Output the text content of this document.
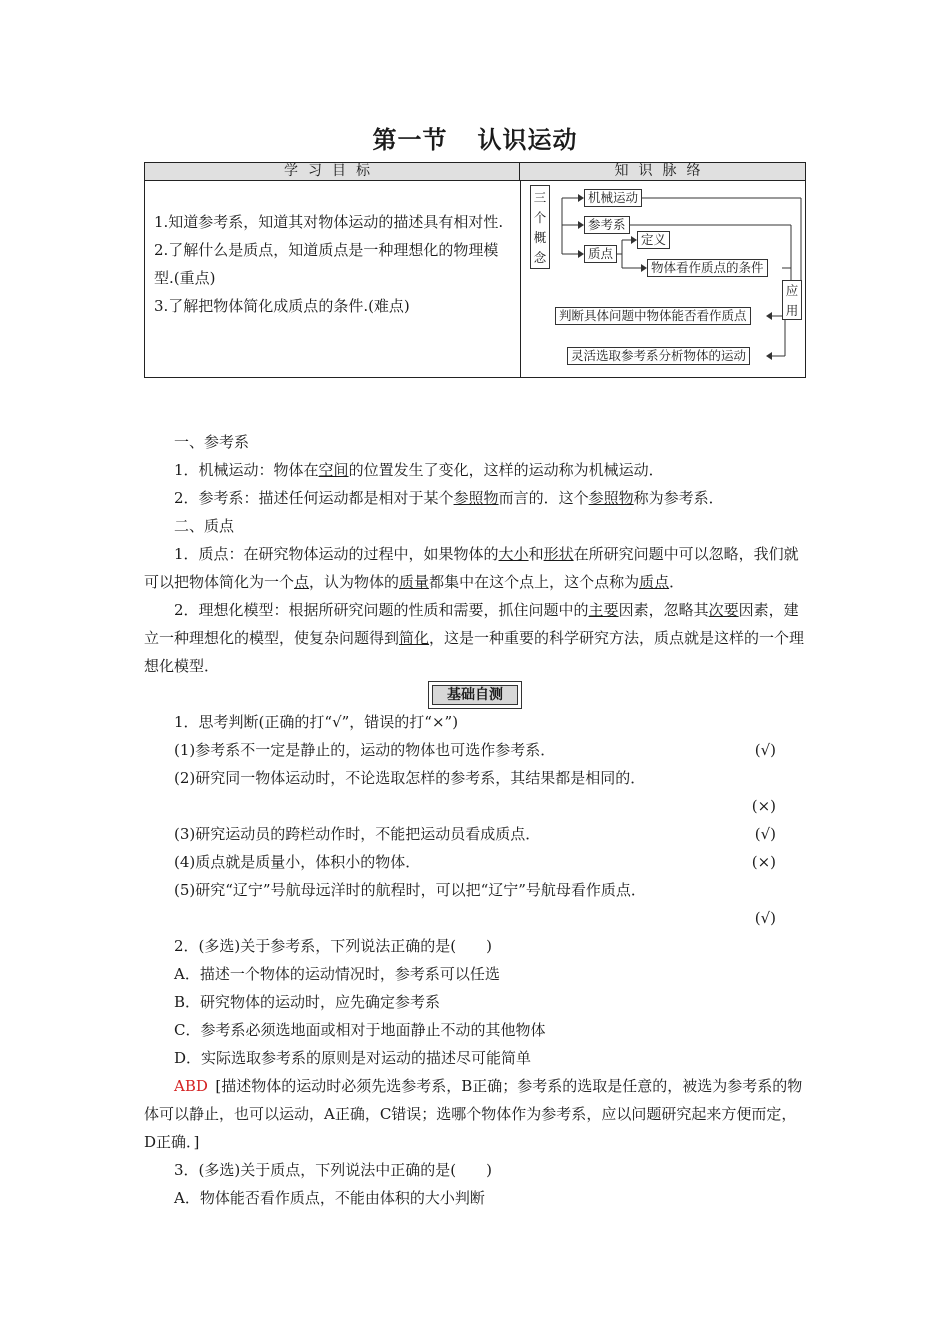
第一节 认识运动
学习目标	知识脉络

1.知道参考系，知道其对物体运动的描述具有相对性.

2.了解什么是质点，知道质点是一种理想化的物理模型.(重点)

3.了解把物体简化成质点的条件.(难点)

三
个
概
念
机械运动
参考系
质点
定义
物体看作质点的条件
应
用
判断具体问题中物体能否看作质点
灵活选取参考系分析物体的运动

一、参考系

1．机械运动：物体在空间的位置发生了变化，这样的运动称为机械运动．

2．参考系：描述任何运动都是相对于某个参照物而言的．这个参照物称为参考系．

二、质点

1．质点：在研究物体运动的过程中，如果物体的大小和形状在所研究问题中可以忽略，我们就可以把物体简化为一个点，认为物体的质量都集中在这个点上，这个点称为质点．

2．理想化模型：根据所研究问题的性质和需要，抓住问题中的主要因素，忽略其次要因素，建立一种理想化的模型，使复杂问题得到简化，这是一种重要的科学研究方法，质点就是这样的一个理想化模型．

基础自测

1．思考判断(正确的打“√”，错误的打“×”)

(1)参考系不一定是静止的，运动的物体也可选作参考系．	(√)
(2)研究同一物体运动时，不论选取怎样的参考系，其结果都是相同的．
(×)
(3)研究运动员的跨栏动作时，不能把运动员看成质点．	(√)
(4)质点就是质量小，体积小的物体．	(×)
(5)研究“辽宁”号航母远洋时的航程时，可以把“辽宁”号航母看作质点．
(√)

2．(多选)关于参考系，下列说法正确的是(　　)

A．描述一个物体的运动情况时，参考系可以任选

B．研究物体的运动时，应先确定参考系

C．参考系必须选地面或相对于地面静止不动的其他物体

D．实际选取参考系的原则是对运动的描述尽可能简单

ABD  [描述物体的运动时必须先选参考系，B正确；参考系的选取是任意的，被选为参考系的物体可以静止，也可以运动，A正确，C错误；选哪个物体作为参考系，应以问题研究起来方便而定，D正确．]

3．(多选)关于质点，下列说法中正确的是(　　)

A．物体能否看作质点，不能由体积的大小判断
